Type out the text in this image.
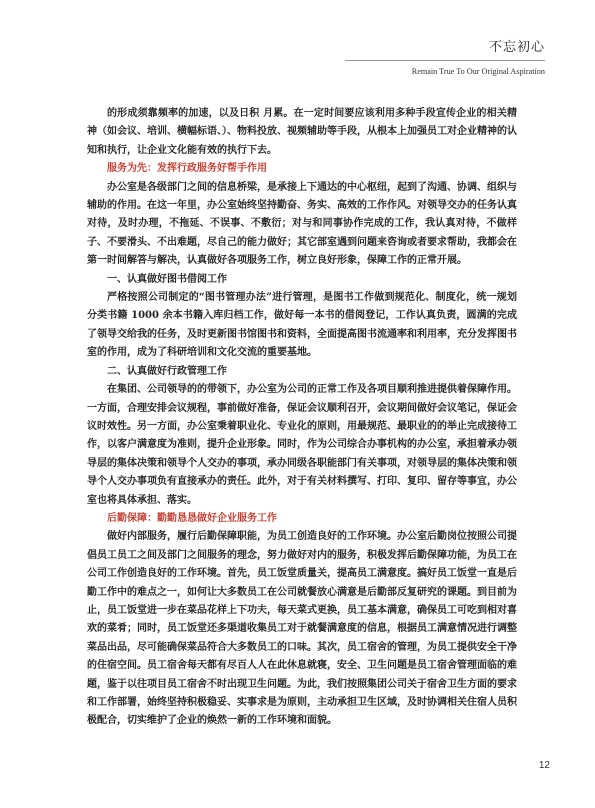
不忘初心
Remain True To Our Original Aspiration

的形成须靠频率的加速，以及日积 月累。在一定时间要应该利用多种手段宣传企业的相关精神（如会议、培训、横幅标语、）、物料投放、视频辅助等手段，从根本上加强员工对企业精神的认知和执行，让企业文化能有效的执行下去。

服务为先：发挥行政服务好帮手作用

办公室是各级部门之间的信息桥梁，是承接上下通达的中心枢纽，起到了沟通、协调、组织与辅助的作用。在这一年里，办公室始终坚持勤奋、务实、高效的工作作风。对领导交办的任务认真对待，及时办理，不拖延、不误事、不敷衍；对与和同事协作完成的工作，我认真对待，不做样子、不要滑头、不出难题，尽自己的能力做好；其它部室遇到问题来咨询或者要求帮助，我都会在第一时间解答与解决，认真做好各项服务工作，树立良好形象，保障工作的正常开展。

一、认真做好图书借阅工作

严格按照公司制定的“图书管理办法”进行管理，是图书工作做到规范化、制度化，统一规划分类书籍 1000 余本书籍入库归档工作，做好每一本书的借阅登记，工作认真负责，圆满的完成了领导交给我的任务，及时更新图书馆图书和资料，全面提高图书流通率和利用率，充分发挥图书室的作用，成为了科研培训和文化交流的重要基地。

二、认真做好行政管理工作

在集团、公司领导的的带领下，办公室为公司的正常工作及各项目顺利推进提供着保障作用。

一方面，合理安排会议规程，事前做好准备，保证会议顺利召开，会议期间做好会议笔记，保证会议时效性。另一方面，办公室秉着职业化、专业化的原则，用最规范、最职业的的举止完成接待工作，以客户满意度为准则，提升企业形象。同时，作为公司综合办事机构的办公室，承担着承办领导层的集体决策和领导个人交办的事项，承办同级各职能部门有关事项，对领导层的集体决策和领导个人交办事项负有直接承办的责任。此外，对于有关材料撰写、打印、复印、留存等事宜，办公室也将具体承担、落实。

后勤保障：勤勤恳恳做好企业服务工作

做好内部服务，履行后勤保障职能，为员工创造良好的工作环境。办公室后勤岗位按照公司提倡员工员工之间及部门之间服务的理念，努力做好对内的服务，积极发挥后勤保障功能，为员工在公司工作创造良好的工作环境。首先，员工饭堂质量关，提高员工满意度。搞好员工饭堂一直是后勤工作中的难点之一，如何让大多数员工在公司就餐放心满意是后勤部反复研究的课题。到目前为止，员工饭堂进一步在菜品花样上下功夫，每天菜式更换，员工基本满意，确保员工可吃到相对喜欢的菜肴；同时，员工饭堂还多渠道收集员工对于就餐满意度的信息，根据员工满意情况进行调整菜品出品，尽可能确保菜品符合大多数员工的口味。其次，员工宿舍的管理，为员工提供安全干净的住宿空间。员工宿舍每天都有尽百人人在此休息就寝，安全、卫生问题是员工宿舍管理面临的难题，鉴于以往项目员工宿舍不时出现卫生问题。为此，我们按照集团公司关于宿舍卫生方面的要求和工作部署，始终坚持积极稳妥、实事求是为原则，主动承担卫生区域，及时协调相关住宿人员积极配合，切实维护了企业的焕然一新的工作环境和面貌。

12
